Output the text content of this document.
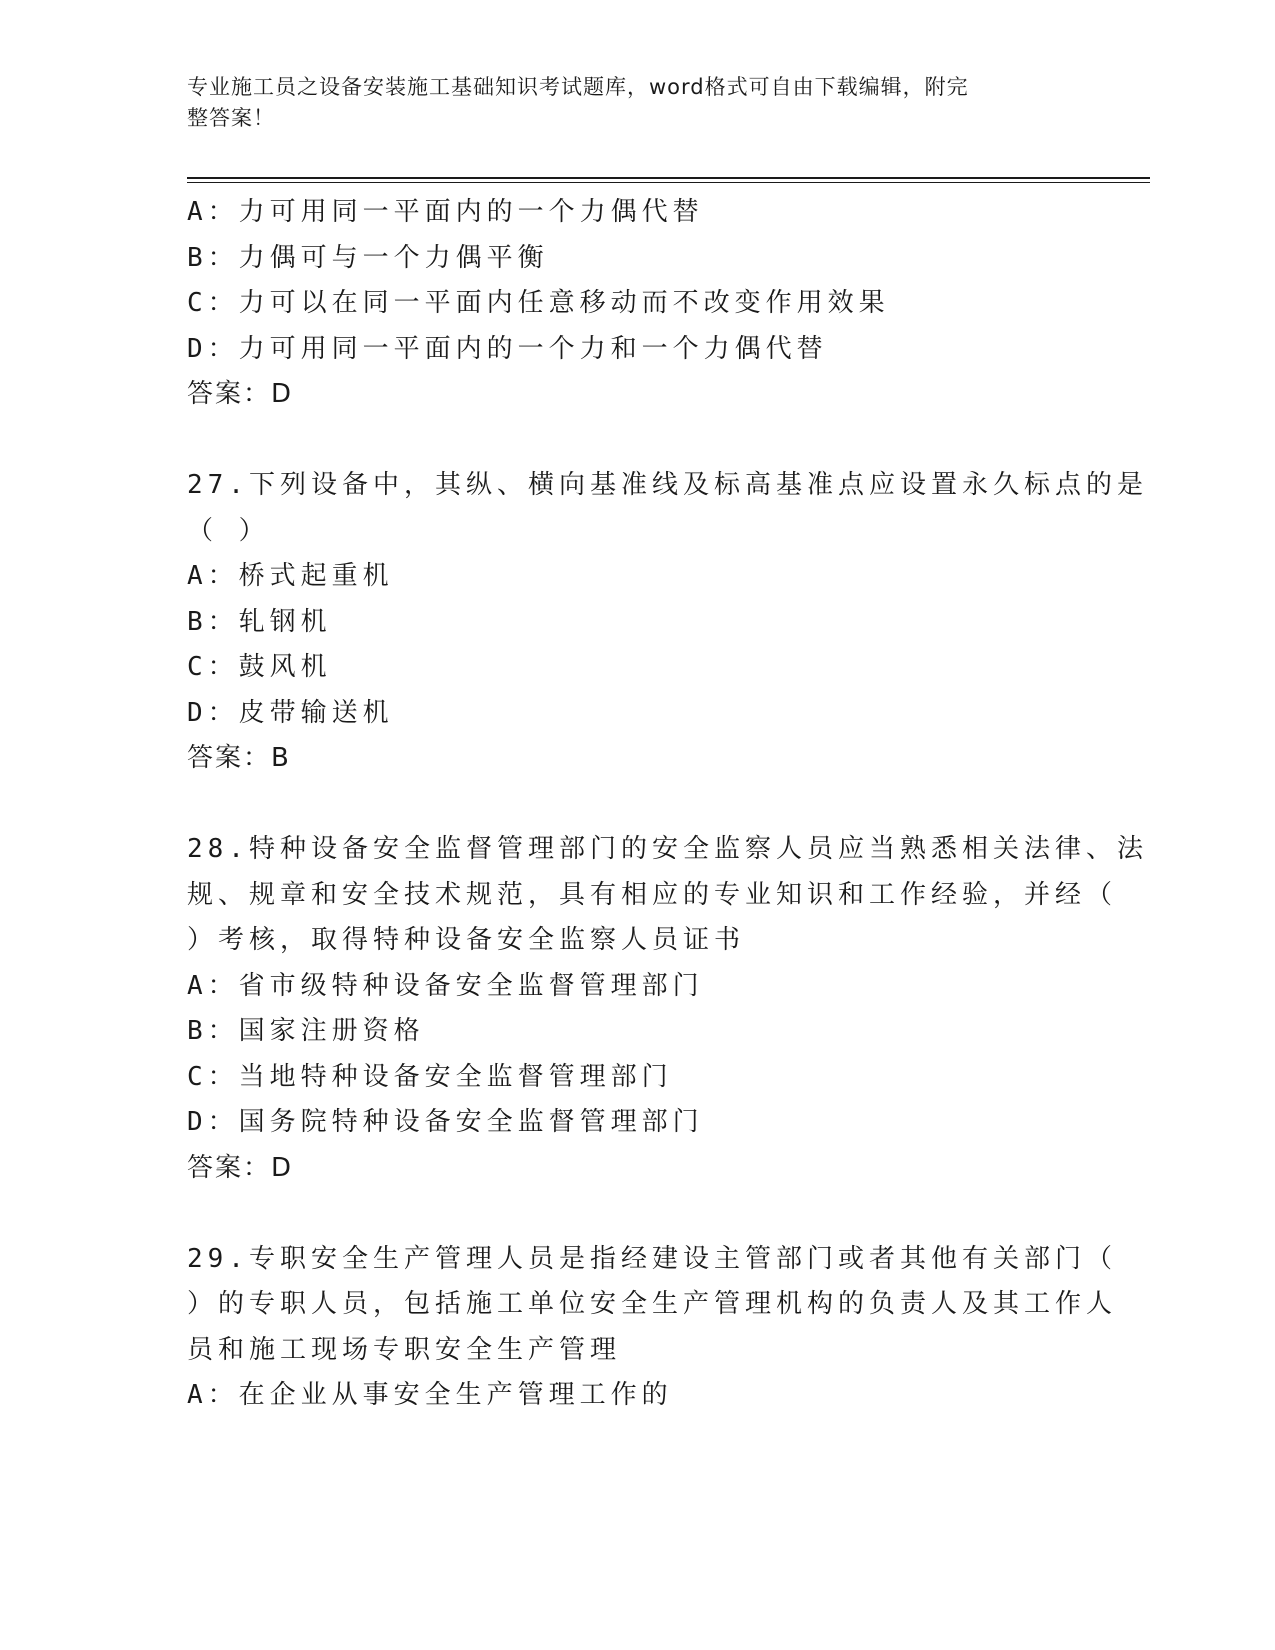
专业施工员之设备安装施工基础知识考试题库，word格式可自由下载编辑，附完
整答案！
A：力可用同一平面内的一个力偶代替
B：力偶可与一个力偶平衡
C：力可以在同一平面内任意移动而不改变作用效果
D：力可用同一平面内的一个力和一个力偶代替
答案：D
27.下列设备中，其纵、横向基准线及标高基准点应设置永久标点的是
（ ）
A：桥式起重机
B：轧钢机
C：鼓风机
D：皮带输送机
答案：B
28.特种设备安全监督管理部门的安全监察人员应当熟悉相关法律、法
规、规章和安全技术规范，具有相应的专业知识和工作经验，并经（
）考核，取得特种设备安全监察人员证书
A：省市级特种设备安全监督管理部门
B：国家注册资格
C：当地特种设备安全监督管理部门
D：国务院特种设备安全监督管理部门
答案：D
29.专职安全生产管理人员是指经建设主管部门或者其他有关部门（
）的专职人员，包括施工单位安全生产管理机构的负责人及其工作人
员和施工现场专职安全生产管理
A：在企业从事安全生产管理工作的
